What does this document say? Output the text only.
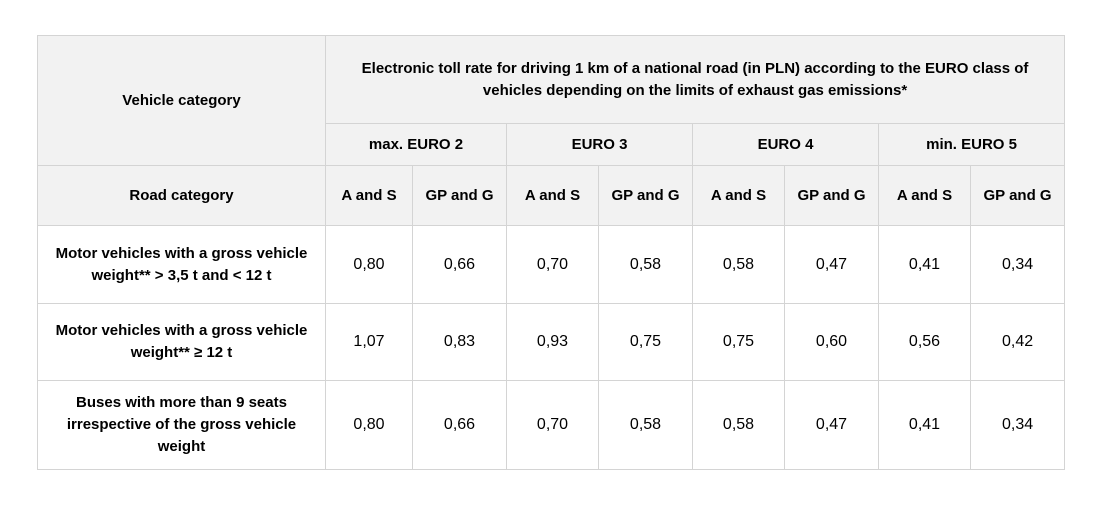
Vehicle category	Electronic toll rate for driving 1 km of a national road (in PLN) according to the EURO class of vehicles depending on the limits of exhaust gas emissions*							
	max. EURO 2		EURO 3		EURO 4		min. EURO 5	
Road category	A and S	GP and G	A and S	GP and G	A and S	GP and G	A and S	GP and G
Motor vehicles with a gross vehicle weight** > 3,5 t and < 12 t	0,80	0,66	0,70	0,58	0,58	0,47	0,41	0,34
Motor vehicles with a gross vehicle weight** ≥ 12 t	1,07	0,83	0,93	0,75	0,75	0,60	0,56	0,42
Buses with more than 9 seats irrespective of the gross vehicle weight	0,80	0,66	0,70	0,58	0,58	0,47	0,41	0,34
